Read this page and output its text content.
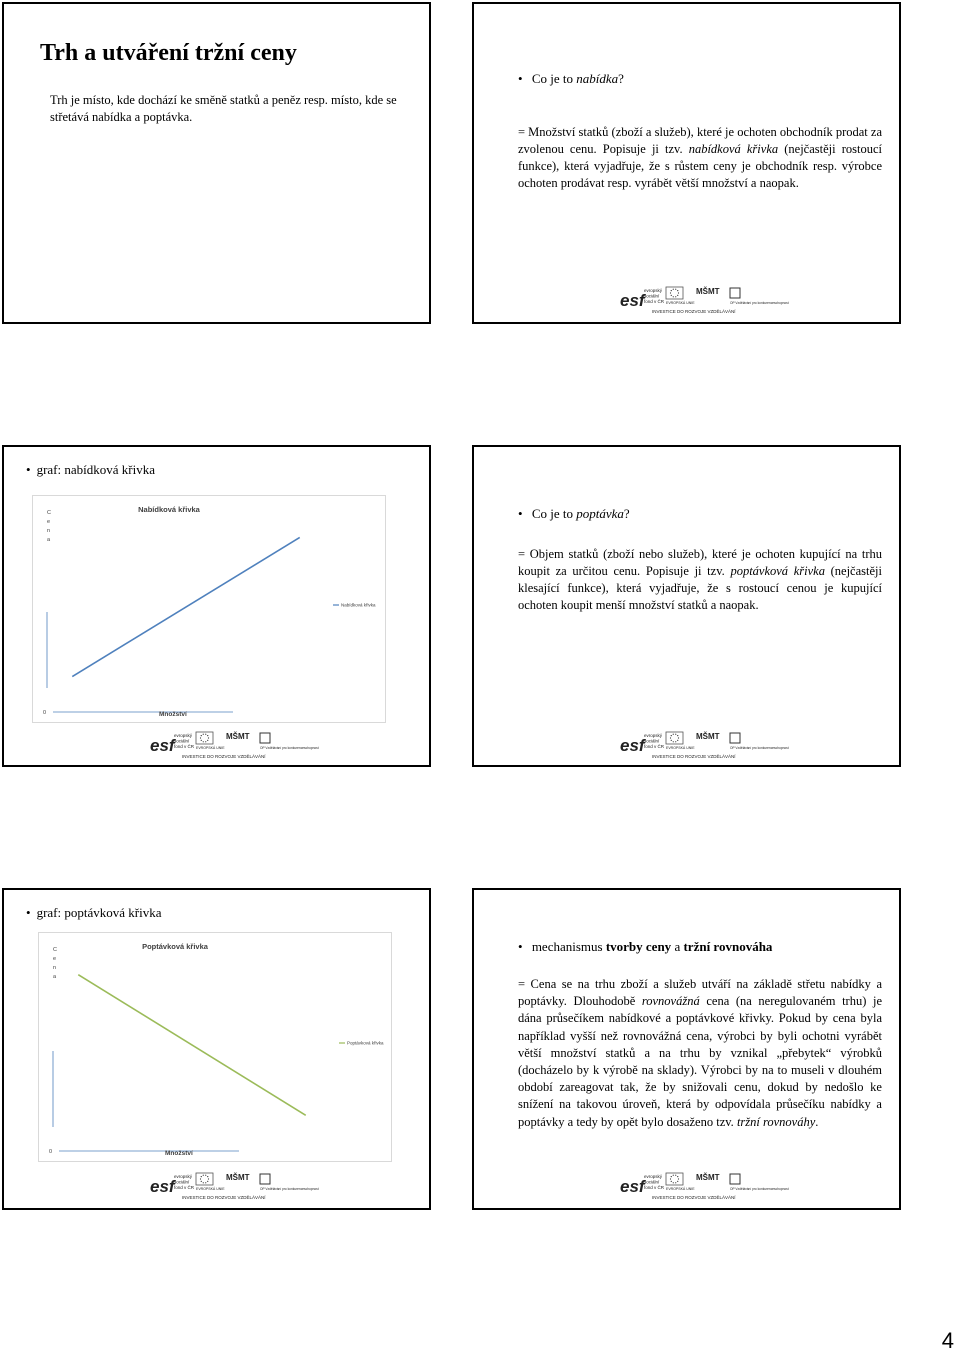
Trh a utváření tržní ceny

Trh je místo, kde dochází ke směně statků a peněz resp. místo, kde se střetává nabídka a poptávka.

• Co je to nabídka?

= Množství statků (zboží a služeb), které je ochoten obchodník prodat za zvolenou cenu. Popisuje ji tzv. nabídková křivka (nejčastěji rostoucí funkce), která vyjadřuje, že s růstem ceny je obchodník resp. výrobce ochoten prodávat resp. vyrábět větší množství a naopak.

esf
evropský
sociální
fond v ČR EVROPSKÁ UNIE
MŠMT
OP Vzdělávání pro konkurenceschopnost
INVESTICE DO ROZVOJE VZDĚLÁVÁNÍ

• graf: nabídková křivka

Nabídková křivka
C e n a
0	Množství
Nabídková křivka
esf
evropský
sociální
fond v ČR EVROPSKÁ UNIE
MŠMT
OP Vzdělávání pro konkurenceschopnost
INVESTICE DO ROZVOJE VZDĚLÁVÁNÍ

• Co je to poptávka?

= Objem statků (zboží nebo služeb), které je ochoten kupující na trhu koupit za určitou cenu. Popisuje ji tzv. poptávková křivka (nejčastěji klesající funkce), která vyjadřuje, že s rostoucí cenou je kupující ochoten koupit menší množství statků a naopak.

esf
evropský
sociální
fond v ČR EVROPSKÁ UNIE
MŠMT
OP Vzdělávání pro konkurenceschopnost
INVESTICE DO ROZVOJE VZDĚLÁVÁNÍ

• graf: poptávková křivka

Poptávková křivka
C e n a
0	Množství
Poptávková křivka
esf
evropský
sociální
fond v ČR EVROPSKÁ UNIE
MŠMT
OP Vzdělávání pro konkurenceschopnost
INVESTICE DO ROZVOJE VZDĚLÁVÁNÍ

• mechanismus tvorby ceny a tržní rovnováha

= Cena se na trhu zboží a služeb utváří na základě střetu nabídky a poptávky. Dlouhodobě rovnovážná cena (na neregulovaném trhu) je dána průsečíkem nabídkové a poptávkové křivky. Pokud by cena byla například vyšší než rovnovážná cena, výrobci by byli ochotni vyrábět větší množství statků a na trhu by vznikal „přebytek“ výrobků (docházelo by k výrobě na sklady). Výrobci by na to museli v dlouhém období zareagovat tak, že by snižovali cenu, dokud by nedošlo ke snížení na takovou úroveň, která by odpovídala průsečíku nabídky a poptávky a tedy by opět bylo dosaženo tzv. tržní rovnováhy.

esf
evropský
sociální
fond v ČR EVROPSKÁ UNIE
MŠMT
OP Vzdělávání pro konkurenceschopnost
INVESTICE DO ROZVOJE VZDĚLÁVÁNÍ
4
